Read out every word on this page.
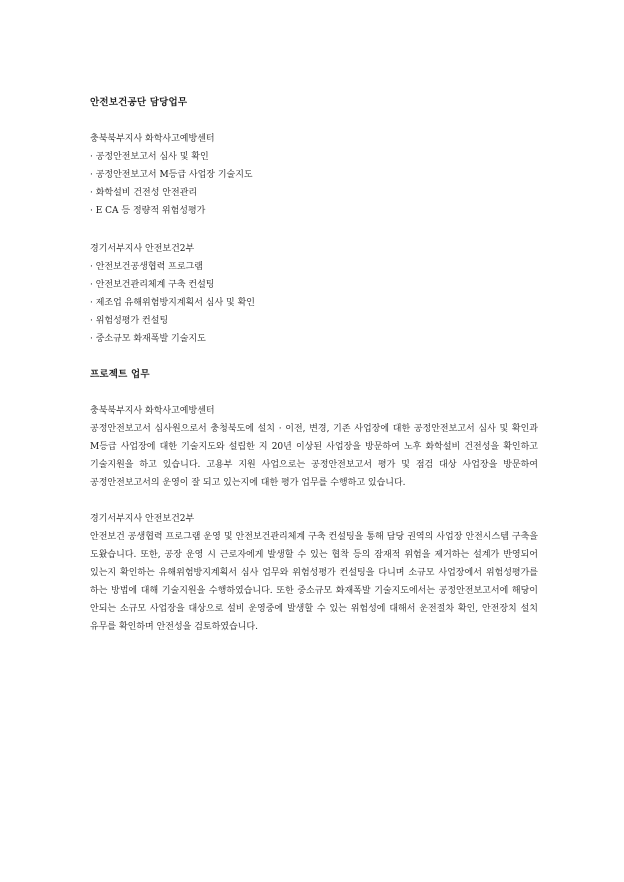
안전보건공단 담당업무
충북북부지사 화학사고예방센터
· 공정안전보고서 심사 및 확인
· 공정안전보고서 M등급 사업장 기술지도
· 화학설비 건전성 안전관리
· E CA 등 정량적 위험성평가
경기서부지사 안전보건2부
· 안전보건공생협력 프로그램
· 안전보건관리체계 구축 컨설팅
· 제조업 유해위험방지계획서 심사 및 확인
· 위험성평가 컨설팅
· 중소규모 화재폭발 기술지도
프로젝트 업무
충북북부지사 화학사고예방센터
공정안전보고서 심사원으로서 충청북도에 설치 · 이전, 변경, 기존 사업장에 대한 공정안전보고서 심사 및 확인과 M등급 사업장에 대한 기술지도와 설립한 지 20년 이상된 사업장을 방문하여 노후 화학설비 건전성을 확인하고 기술지원을 하고 있습니다. 고용부 지원 사업으로는 공정안전보고서 평가 및 점검 대상 사업장을 방문하여 공정안전보고서의 운영이 잘 되고 있는지에 대한 평가 업무를 수행하고 있습니다.
경기서부지사 안전보건2부
안전보건 공생협력 프로그램 운영 및 안전보건관리체계 구축 컨설팅을 통해 담당 권역의 사업장 안전시스템 구축을 도왔습니다. 또한, 공장 운영 시 근로자에게 발생할 수 있는 협착 등의 잠재적 위험을 제거하는 설계가 반영되어 있는지 확인하는 유해위험방지계획서 심사 업무와 위험성평가 컨설팅을 다니며 소규모 사업장에서 위험성평가를 하는 방법에 대해 기술지원을 수행하였습니다. 또한 중소규모 화재폭발 기술지도에서는 공정안전보고서에 해당이 안되는 소규모 사업장을 대상으로 설비 운영중에 발생할 수 있는 위험성에 대해서 운전절차 확인, 안전장치 설치 유무를 확인하며 안전성을 검토하였습니다.
